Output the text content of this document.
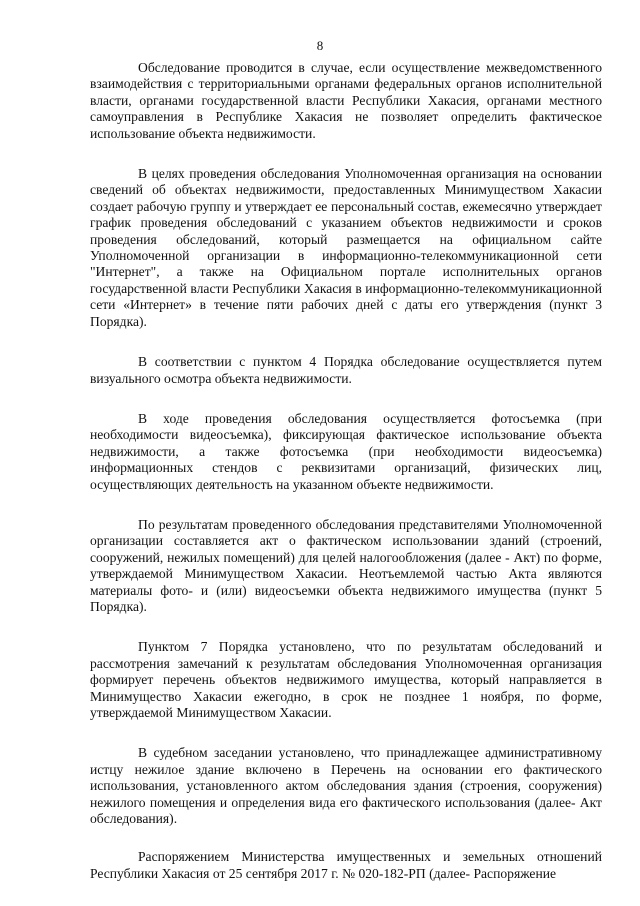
8

Обследование проводится в случае, если осуществление межведомственного взаимодействия с территориальными органами федеральных органов исполнительной власти, органами государственной власти Республики Хакасия, органами местного самоуправления в Республике Хакасия не позволяет определить фактическое использование объекта недвижимости.

В целях проведения обследования Уполномоченная организация на основании сведений об объектах недвижимости, предоставленных Минимуществом Хакасии создает рабочую группу и утверждает ее персональный состав, ежемесячно утверждает график проведения обследований с указанием объектов недвижимости и сроков проведения обследований, который размещается на официальном сайте Уполномоченной организации в информационно-телекоммуникационной сети "Интернет", а также на Официальном портале исполнительных органов государственной власти Республики Хакасия в информационно-телекоммуникационной сети «Интернет» в течение пяти рабочих дней с даты его утверждения (пункт 3 Порядка).

В соответствии с пунктом 4 Порядка обследование осуществляется путем визуального осмотра объекта недвижимости.

В ходе проведения обследования осуществляется фотосъемка (при необходимости видеосъемка), фиксирующая фактическое использование объекта недвижимости, а также фотосъемка (при необходимости видеосъемка) информационных стендов с реквизитами организаций, физических лиц, осуществляющих деятельность на указанном объекте недвижимости.

По результатам проведенного обследования представителями Уполномоченной организации составляется акт о фактическом использовании зданий (строений, сооружений, нежилых помещений) для целей налогообложения (далее - Акт) по форме, утверждаемой Минимуществом Хакасии. Неотъемлемой частью Акта являются материалы фото- и (или) видеосъемки объекта недвижимого имущества (пункт 5 Порядка).

Пунктом 7 Порядка установлено, что по результатам обследований и рассмотрения замечаний к результатам обследования Уполномоченная организация формирует перечень объектов недвижимого имущества, который направляется в Минимущество Хакасии ежегодно, в срок не позднее 1 ноября, по форме, утверждаемой Минимуществом Хакасии.

В судебном заседании установлено, что принадлежащее административному истцу нежилое здание включено в Перечень на основании его фактического использования, установленного актом обследования здания (строения, сооружения) нежилого помещения и определения вида его фактического использования (далее- Акт обследования).

Распоряжением Министерства имущественных и земельных отношений Республики Хакасия от 25 сентября 2017 г. № 020-182-РП (далее- Распоряжение
